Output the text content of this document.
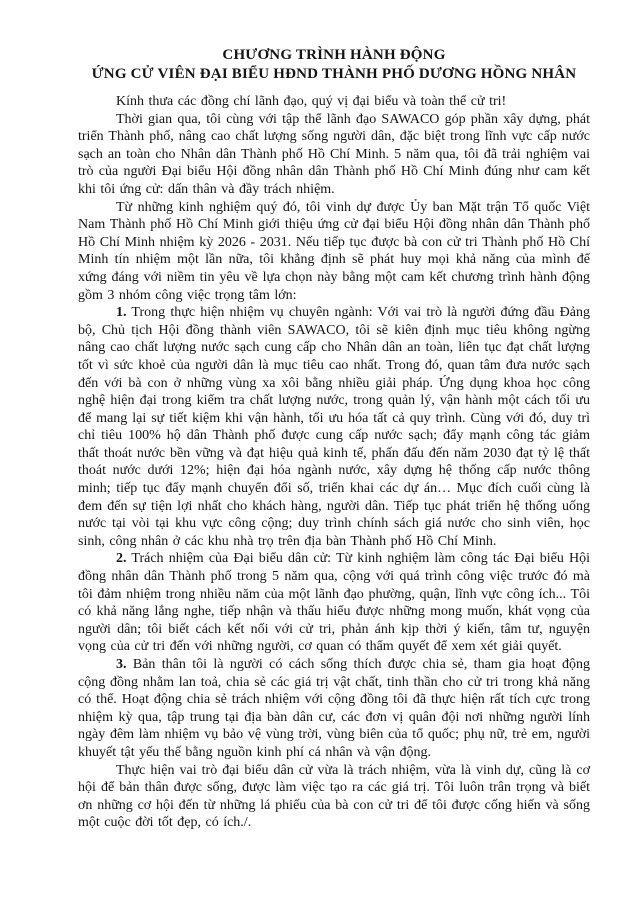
CHƯƠNG TRÌNH HÀNH ĐỘNG
ỨNG CỬ VIÊN ĐẠI BIỂU HĐND THÀNH PHỐ DƯƠNG HỒNG NHÂN

Kính thưa các đồng chí lãnh đạo, quý vị đại biểu và toàn thể cử tri!

Thời gian qua, tôi cùng với tập thể lãnh đạo SAWACO góp phần xây dựng, phát triển Thành phố, nâng cao chất lượng sống người dân, đặc biệt trong lĩnh vực cấp nước sạch an toàn cho Nhân dân Thành phố Hồ Chí Minh. 5 năm qua, tôi đã trải nghiệm vai trò của người Đại biểu Hội đồng nhân dân Thành phố Hồ Chí Minh đúng như cam kết khi tôi ứng cử: dấn thân và đầy trách nhiệm.

Từ những kinh nghiệm quý đó, tôi vinh dự được Ủy ban Mặt trận Tổ quốc Việt Nam Thành phố Hồ Chí Minh giới thiệu ứng cử đại biểu Hội đồng nhân dân Thành phố Hồ Chí Minh nhiệm kỳ 2026 - 2031. Nếu tiếp tục được bà con cử tri Thành phố Hồ Chí Minh tín nhiệm một lần nữa, tôi khẳng định sẽ phát huy mọi khả năng của mình để xứng đáng với niềm tin yêu về lựa chọn này bằng một cam kết chương trình hành động gồm 3 nhóm công việc trọng tâm lớn:

1. Trong thực hiện nhiệm vụ chuyên ngành: Với vai trò là người đứng đầu Đảng bộ, Chủ tịch Hội đồng thành viên SAWACO, tôi sẽ kiên định mục tiêu không ngừng nâng cao chất lượng nước sạch cung cấp cho Nhân dân an toàn, liên tục đạt chất lượng tốt vì sức khoẻ của người dân là mục tiêu cao nhất. Trong đó, quan tâm đưa nước sạch đến với bà con ở những vùng xa xôi bằng nhiều giải pháp. Ứng dụng khoa học công nghệ hiện đại trong kiểm tra chất lượng nước, trong quản lý, vận hành một cách tối ưu để mang lại sự tiết kiệm khi vận hành, tối ưu hóa tất cả quy trình. Cùng với đó, duy trì chỉ tiêu 100% hộ dân Thành phố được cung cấp nước sạch; đẩy mạnh công tác giảm thất thoát nước bền vững và đạt hiệu quả kinh tế, phấn đấu đến năm 2030 đạt tỷ lệ thất thoát nước dưới 12%; hiện đại hóa ngành nước, xây dựng hệ thống cấp nước thông minh; tiếp tục đẩy mạnh chuyển đổi số, triển khai các dự án… Mục đích cuối cùng là đem đến sự tiện lợi nhất cho khách hàng, người dân. Tiếp tục phát triển hệ thống uống nước tại vòi tại khu vực công cộng; duy trình chính sách giá nước cho sinh viên, học sinh, công nhân ở các khu nhà trọ trên địa bàn Thành phố Hồ Chí Minh.

2. Trách nhiệm của Đại biểu dân cử: Từ kinh nghiệm làm công tác Đại biểu Hội đồng nhân dân Thành phố trong 5 năm qua, cộng với quá trình công việc trước đó mà tôi đảm nhiệm trong nhiều năm của một lãnh đạo phường, quận, lĩnh vực công ích... Tôi có khả năng lắng nghe, tiếp nhận và thấu hiểu được những mong muốn, khát vọng của người dân; tôi biết cách kết nối với cử tri, phản ánh kịp thời ý kiến, tâm tư, nguyện vọng của cử tri đến với những người, cơ quan có thẩm quyết để xem xét giải quyết.

3. Bản thân tôi là người có cách sống thích được chia sẻ, tham gia hoạt động cộng đồng nhằm lan toả, chia sẻ các giá trị vật chất, tinh thần cho cử tri trong khả năng có thể. Hoạt động chia sẻ trách nhiệm với cộng đồng tôi đã thực hiện rất tích cực trong nhiệm kỳ qua, tập trung tại địa bàn dân cư, các đơn vị quân đội nơi những người lính ngày đêm làm nhiệm vụ bảo vệ vùng trời, vùng biên của tổ quốc; phụ nữ, trẻ em, người khuyết tật yếu thế bằng nguồn kinh phí cá nhân và vận động.

Thực hiện vai trò đại biểu dân cử vừa là trách nhiệm, vừa là vinh dự, cũng là cơ hội để bản thân được sống, được làm việc tạo ra các giá trị. Tôi luôn trân trọng và biết ơn những cơ hội đến từ những lá phiếu của bà con cử tri để tôi được cống hiến và sống một cuộc đời tốt đẹp, có ích./.
